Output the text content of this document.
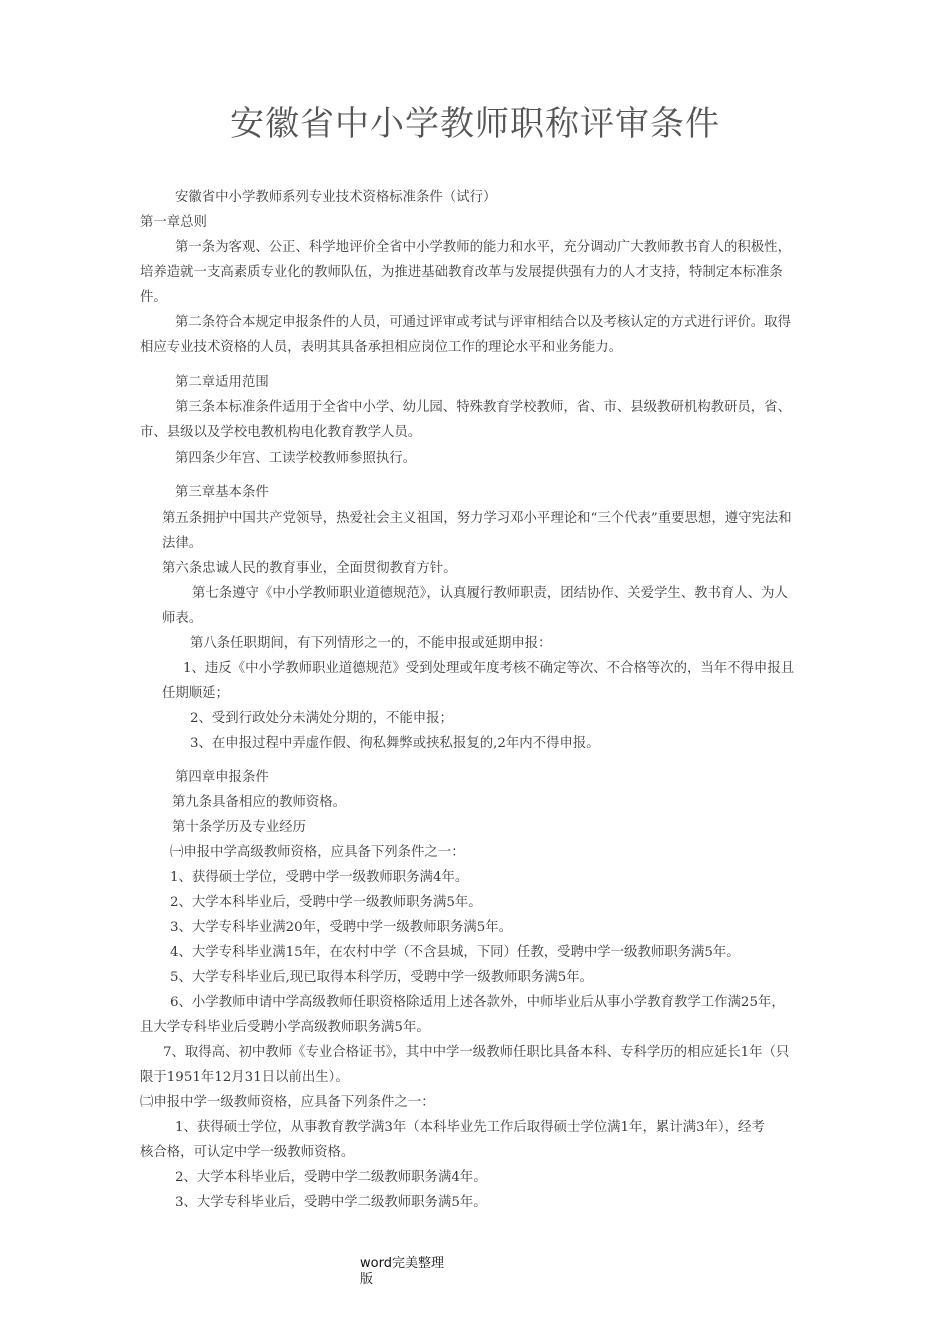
安徽省中小学教师职称评审条件

安徽省中小学教师系列专业技术资格标准条件（试行）

第一章总则

第一条为客观、公正、科学地评价全省中小学教师的能力和水平，充分调动广大教师教书育人的积极性，

培养造就一支高素质专业化的教师队伍，为推进基础教育改革与发展提供强有力的人才支持，特制定本标准条

件。

第二条符合本规定申报条件的人员，可通过评审或考试与评审相结合以及考核认定的方式进行评价。取得

相应专业技术资格的人员，表明其具备承担相应岗位工作的理论水平和业务能力。

第二章适用范围

第三条本标准条件适用于全省中小学、幼儿园、特殊教育学校教师，省、市、县级教研机构教研员，省、

市、县级以及学校电教机构电化教育教学人员。

第四条少年宫、工读学校教师参照执行。

第三章基本条件

第五条拥护中国共产党领导，热爱社会主义祖国，努力学习邓小平理论和“三个代表”重要思想，遵守宪法和

法律。

第六条忠诚人民的教育事业，全面贯彻教育方针。

第七条遵守《中小学教师职业道德规范》，认真履行教师职责，团结协作、关爱学生、教书育人、为人

师表。

第八条任职期间，有下列情形之一的，不能申报或延期申报：

1、违反《中小学教师职业道德规范》受到处理或年度考核不确定等次、不合格等次的，当年不得申报且

任期顺延；

2、受到行政处分未满处分期的，不能申报；

3、在申报过程中弄虚作假、徇私舞弊或挟私报复的,2年内不得申报。

第四章申报条件

第九条具备相应的教师资格。

第十条学历及专业经历

㈠申报中学高级教师资格，应具备下列条件之一：

1、获得硕士学位，受聘中学一级教师职务满4年。

2、大学本科毕业后，受聘中学一级教师职务满5年。

3、大学专科毕业满20年，受聘中学一级教师职务满5年。

4、大学专科毕业满15年，在农村中学（不含县城，下同）任教，受聘中学一级教师职务满5年。

5、大学专科毕业后,现已取得本科学历，受聘中学一级教师职务满5年。

6、小学教师申请中学高级教师任职资格除适用上述各款外，中师毕业后从事小学教育教学工作满25年，

且大学专科毕业后受聘小学高级教师职务满5年。

7、取得高、初中教师《专业合格证书》，其中中学一级教师任职比具备本科、专科学历的相应延长1年（只

限于1951年12月31日以前出生）。

㈡申报中学一级教师资格，应具备下列条件之一：

1、获得硕士学位，从事教育教学满3年（本科毕业先工作后取得硕士学位满1年，累计满3年），经考

核合格，可认定中学一级教师资格。

2、大学本科毕业后，受聘中学二级教师职务满4年。

3、大学专科毕业后，受聘中学二级教师职务满5年。

word完美整理
版
